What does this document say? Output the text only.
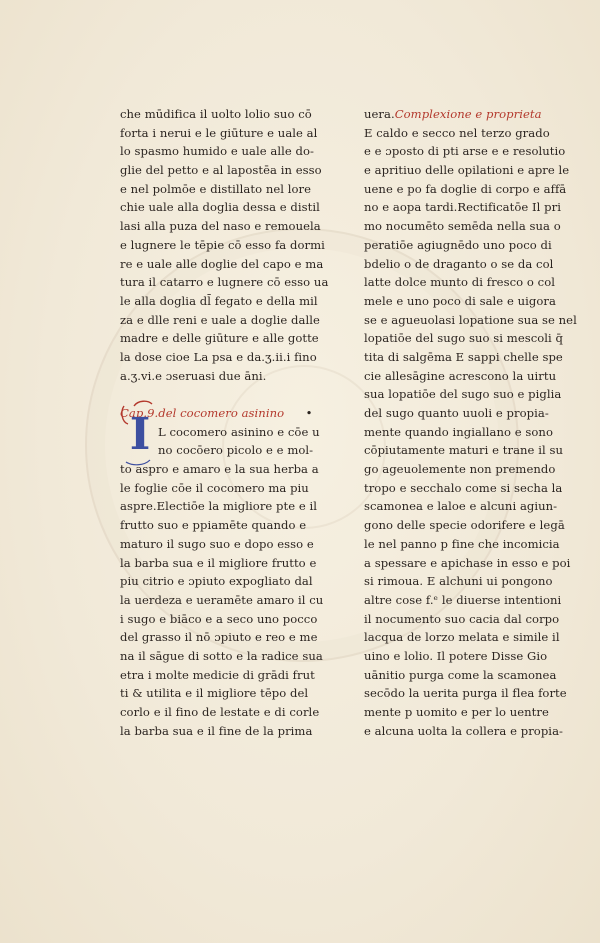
che mūdifica il uolto lolio suo cō
forta i nerui e le giūture e uale al
lo spasmo humido e uale alle do-
glie del petto e al lapostēa in esso
e nel polmōe e distillato nel lore
chie uale alla doglia dessa e distil
lasi alla puza del naso e remouela
e lugnere le tēpie cō esso fa dormi
re e uale alle doglie del capo e ma
tura il catarro e lugnere cō esso ua
le alla doglia dl̄ fegato e della mil
za e dlle reni e uale a doglie dalle
madre e delle giūture e alle gotte
la dose cioe La psa e da.ʒ.ii.i fino
a.ʒ.vi.e ɔseruasi due āni.
Cap.9.del cocomero asinino •
L cocomero asinino e cōe u
no cocōero picolo e e mol-
to aspro e amaro e la sua herba a
le foglie cōe il cocomero ma piu
aspre.Electiōe la migliore pte e il
frutto suo e ppiamēte quando e
maturo il sugo suo e dopo esso e
la barba sua e il migliore frutto e
piu citrio e ɔpiuto expogliato dal
la uerdeza e ueramēte amaro il cu
i sugo e biāco e a seco uno pocco
del grasso il nō ɔpiuto e reo e me
na il sāgue di sotto e la radice sua
etra i molte medicie di grādi frut
ti & utilita e il migliore tēpo del
corlo e il fino de lestate e di corle
la barba sua e il fine de la prima
I
uera.Complexione e proprieta
E caldo e secco nel terzo grado
e e ɔposto di pti arse e e resolutio
e apritiuo delle opilationi e apre le
uene e po fa doglie di corpo e affā
no e aopa tardi.Rectificatōe Il pri
mo nocumēto semēda nella sua o
peratiōe agiugnēdo uno poco di
bdelio o de draganto o se da col
latte dolce munto di fresco o col
mele e uno poco di sale e uigora
se e agueuolasi lopatione sua se nel
lopatiōe del sugo suo si mescoli q̄
tita di salgēma E sappi chelle spe
cie allesāgine acrescono la uirtu
sua lopatiōe del sugo suo e piglia
del sugo quanto uuoli e propia-
mente quando ingiallano e sono
cōpiutamente maturi e trane il su
go ageuolemente non premendo
tropo e secchalo come si secha la
scamonea e laloe e alcuni agiun-
gono delle specie odorifere e legā
le nel panno p fine che incomicia
a spessare e apichase in esso e poi
si rimoua. E alchuni ui pongono
altre cose f.ᵉ le diuerse intentioni
il nocumento suo cacia dal corpo
lacqua de lorzo melata e simile il
uino e lolio. Il potere Disse Gio
uānitio purga come la scamonea
secōdo la uerita purga il flea forte
mente p uomito e per lo uentre
e alcuna uolta la collera e propia-
